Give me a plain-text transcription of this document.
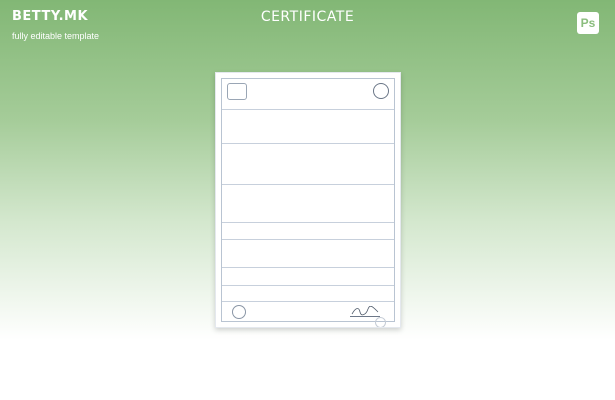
BETTY.MK
fully editable template
CERTIFICATE	Ps
